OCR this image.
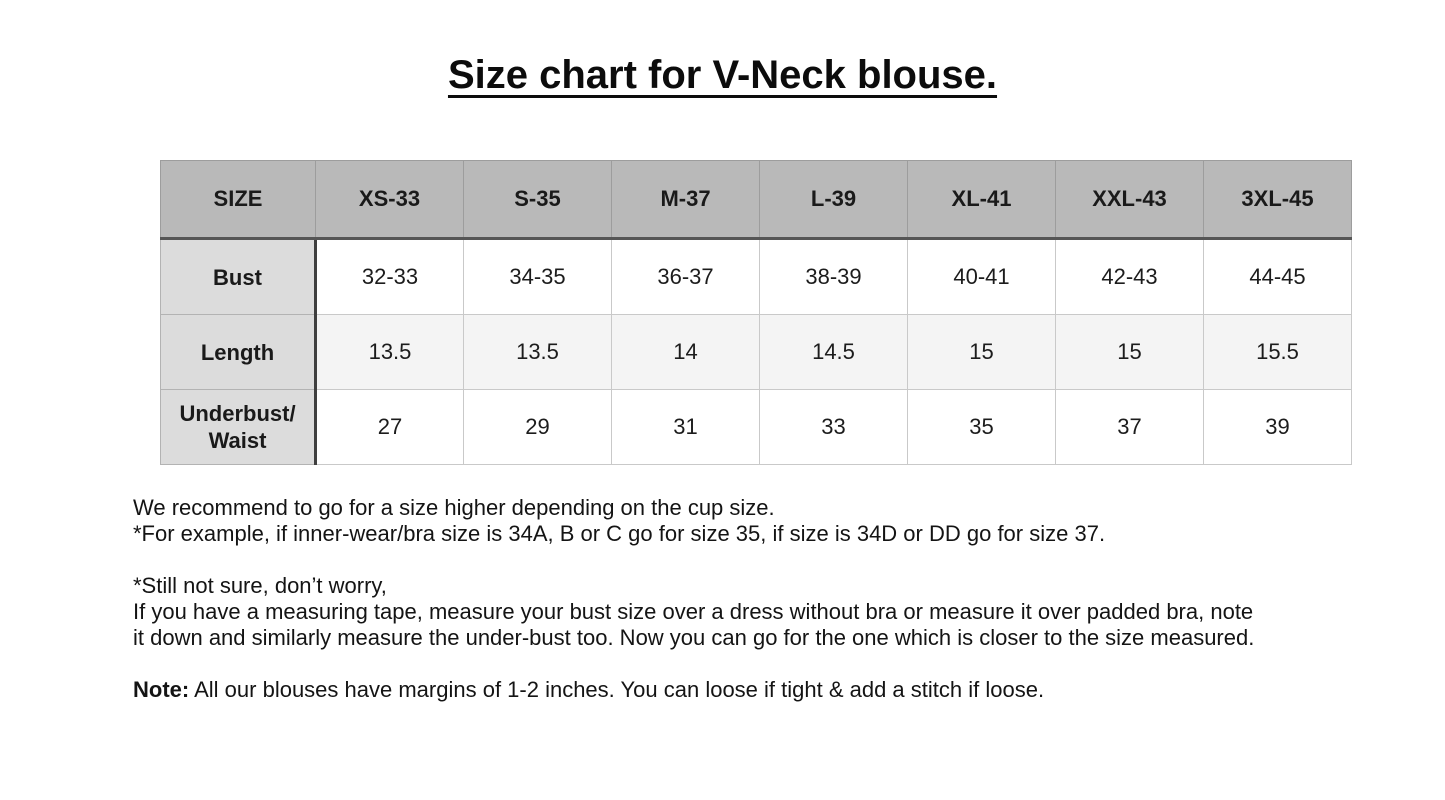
Size chart for V-Neck blouse.
SIZE	XS-33	S-35	M-37	L-39	XL-41	XXL-43	3XL-45

Bust	32-33	34-35	36-37	38-39	40-41	42-43	44-45

Length	13.5	13.5	14	14.5	15	15	15.5

Underbust/
Waist	27	29	31	33	35	37	39

We recommend to go for a size higher depending on the cup size.

*For example, if inner-wear/bra size is 34A, B or C go for size 35, if size is 34D or DD go for size 37.

*Still not sure, don’t worry,

If you have a measuring tape, measure your bust size over a dress without bra or measure it over padded bra, note

it down and similarly measure the under-bust too. Now you can go for the one which is closer to the size measured.

Note: All our blouses have margins of 1-2 inches. You can loose if tight & add a stitch if loose.
